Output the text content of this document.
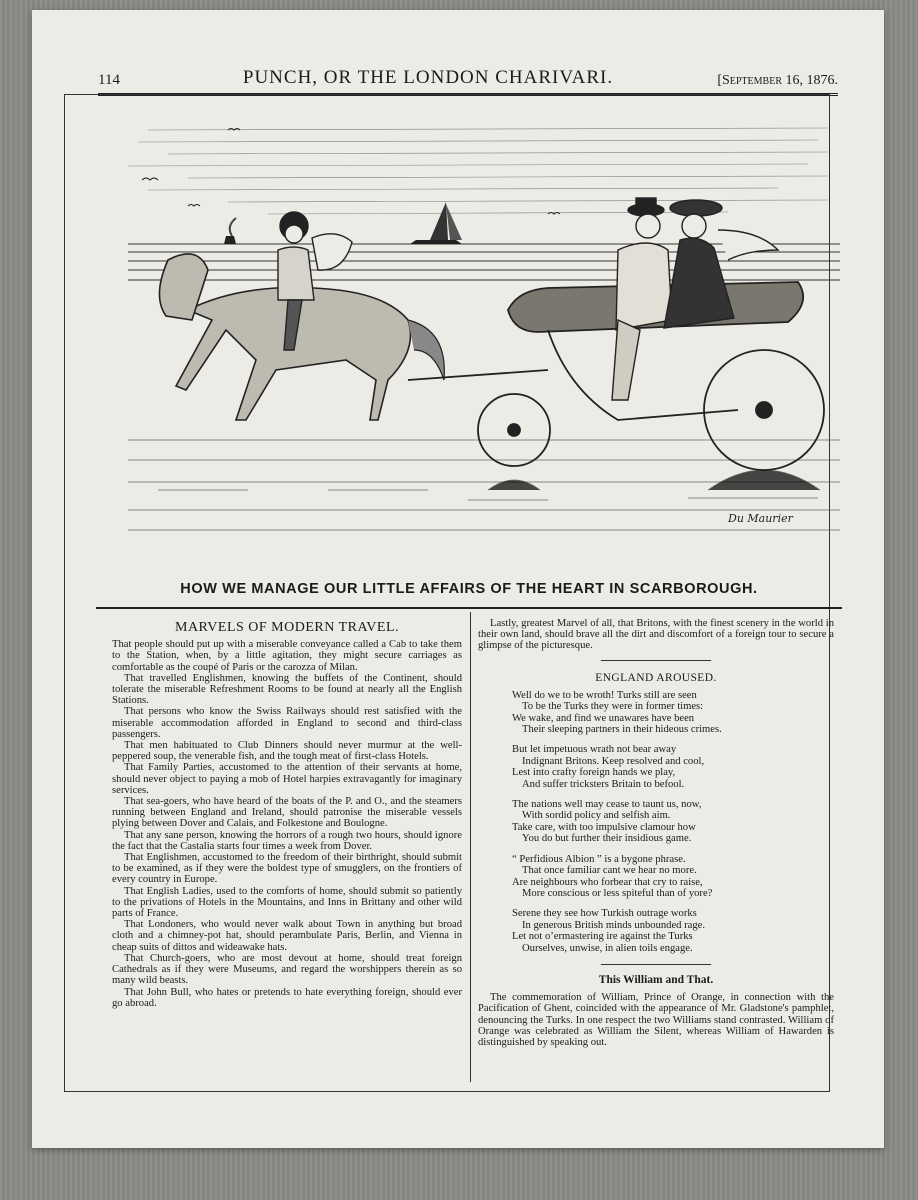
114	PUNCH, OR THE LONDON CHARIVARI.	[September 16, 1876.
Du Maurier
HOW WE MANAGE OUR LITTLE AFFAIRS OF THE HEART IN SCARBOROUGH.
MARVELS OF MODERN TRAVEL.

That people should put up with a miserable conveyance called a Cab to take them to the Station, when, by a little agitation, they might secure carriages as comfortable as the coupé of Paris or the carozza of Milan.

That travelled Englishmen, knowing the buffets of the Continent, should tolerate the miserable Refreshment Rooms to be found at nearly all the English Stations.

That persons who know the Swiss Railways should rest satisfied with the miserable accommodation afforded in England to second and third-class passengers.

That men habituated to Club Dinners should never murmur at the well-peppered soup, the venerable fish, and the tough meat of first-class Hotels.

That Family Parties, accustomed to the attention of their servants at home, should never object to paying a mob of Hotel harpies extravagantly for imaginary services.

That sea-goers, who have heard of the boats of the P. and O., and the steamers running between England and Ireland, should patronise the miserable vessels plying between Dover and Calais, and Folkestone and Boulogne.

That any sane person, knowing the horrors of a rough two hours, should ignore the fact that the Castalia starts four times a week from Dover.

That Englishmen, accustomed to the freedom of their birthright, should submit to be examined, as if they were the boldest type of smugglers, on the frontiers of every country in Europe.

That English Ladies, used to the comforts of home, should submit so patiently to the privations of Hotels in the Mountains, and Inns in Brittany and other wild parts of France.

That Londoners, who would never walk about Town in anything but broad cloth and a chimney-pot hat, should perambulate Paris, Berlin, and Vienna in cheap suits of dittos and wideawake hats.

That Church-goers, who are most devout at home, should treat foreign Cathedrals as if they were Museums, and regard the worshippers therein as so many wild beasts.

That John Bull, who hates or pretends to hate everything foreign, should ever go abroad.

Lastly, greatest Marvel of all, that Britons, with the finest scenery in the world in their own land, should brave all the dirt and discomfort of a foreign tour to secure a glimpse of the picturesque.

ENGLAND AROUSED.
Well do we to be wroth! Turks still are seen
To be the Turks they were in former times:
We wake, and find we unawares have been
Their sleeping partners in their hideous crimes.
But let impetuous wrath not bear away
Indignant Britons. Keep resolved and cool,
Lest into crafty foreign hands we play,
And suffer tricksters Britain to befool.
The nations well may cease to taunt us, now,
With sordid policy and selfish aim.
Take care, with too impulsive clamour how
You do but further their insidious game.
“ Perfidious Albion ” is a bygone phrase.
That once familiar cant we hear no more.
Are neighbours who forbear that cry to raise,
More conscious or less spiteful than of yore?
Serene they see how Turkish outrage works
In generous British minds unbounded rage.
Let not o’ermastering ire against the Turks
Ourselves, unwise, in alien toils engage.
This William and That.

The commemoration of William, Prince of Orange, in connection with the Pacification of Ghent, coincided with the appearance of Mr. Gladstone's pamphlet, denouncing the Turks. In one respect the two Williams stand contrasted. William of Orange was celebrated as William the Silent, whereas William of Hawarden is distinguished by speaking out.
